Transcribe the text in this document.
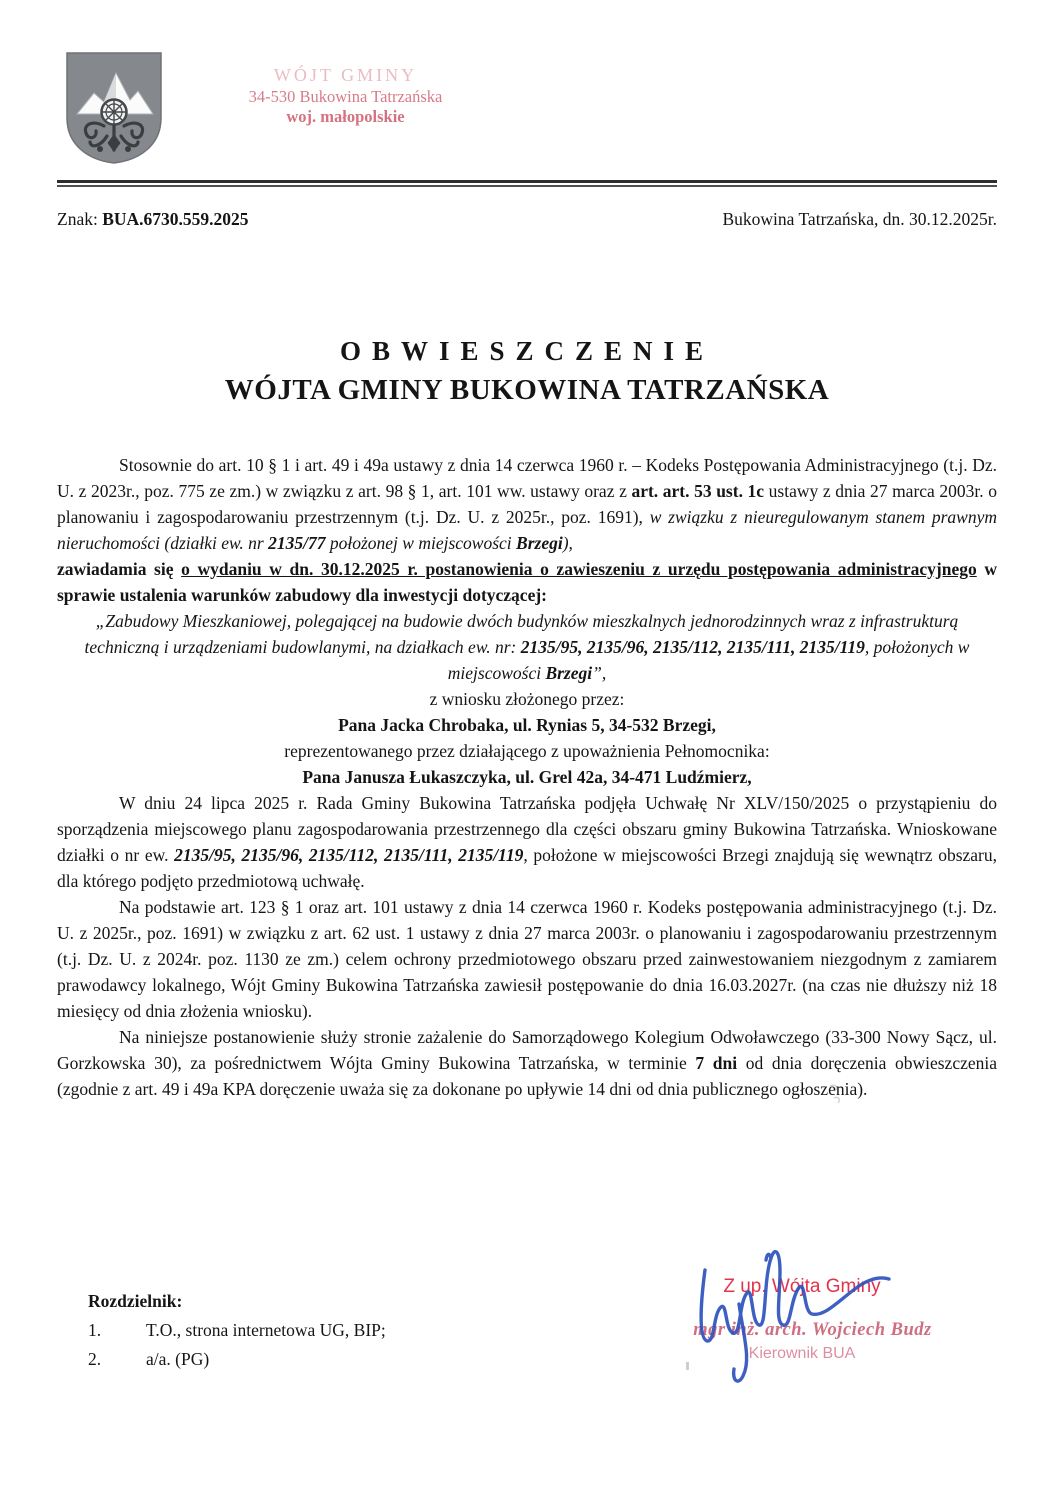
WÓJT GMINY
34-530 Bukowina Tatrzańska
woj. małopolskie
Znak: BUA.6730.559.2025	Bukowina Tatrzańska, dn. 30.12.2025r.
OBWIESZCZENIE
WÓJTA GMINY BUKOWINA TATRZAŃSKA

Stosownie do art. 10 § 1 i art. 49 i 49a ustawy z dnia 14 czerwca 1960 r. – Kodeks Postępowania Administracyjnego (t.j. Dz. U. z 2023r., poz. 775 ze zm.) w związku z art. 98 § 1, art. 101 ww. ustawy oraz z art. art. 53 ust. 1c ustawy z dnia 27 marca 2003r. o planowaniu i zagospodarowaniu przestrzennym (t.j. Dz. U. z 2025r., poz. 1691), w związku z nieuregulowanym stanem prawnym nieruchomości (działki ew. nr 2135/77 położonej w miejscowości Brzegi),

zawiadamia się o wydaniu w dn. 30.12.2025 r. postanowienia o zawieszeniu z urzędu postępowania administracyjnego w sprawie ustalenia warunków zabudowy dla inwestycji dotyczącej:

„Zabudowy Mieszkaniowej, polegającej na budowie dwóch budynków mieszkalnych jednorodzinnych wraz z infrastrukturą techniczną i urządzeniami budowlanymi, na działkach ew. nr: 2135/95, 2135/96, 2135/112, 2135/111, 2135/119, położonych w miejscowości Brzegi”,

z wniosku złożonego przez:

Pana Jacka Chrobaka, ul. Rynias 5, 34-532 Brzegi,

reprezentowanego przez działającego z upoważnienia Pełnomocnika:

Pana Janusza Łukaszczyka, ul. Grel 42a, 34-471 Ludźmierz,

W dniu 24 lipca 2025 r. Rada Gminy Bukowina Tatrzańska podjęła Uchwałę Nr XLV/150/2025 o przystąpieniu do sporządzenia miejscowego planu zagospodarowania przestrzennego dla części obszaru gminy Bukowina Tatrzańska. Wnioskowane działki o nr ew. 2135/95, 2135/96, 2135/112, 2135/111, 2135/119, położone w miejscowości Brzegi znajdują się wewnątrz obszaru, dla którego podjęto przedmiotową uchwałę.

Na podstawie art. 123 § 1 oraz art. 101 ustawy z dnia 14 czerwca 1960 r. Kodeks postępowania administracyjnego (t.j. Dz. U. z 2025r., poz. 1691) w związku z art. 62 ust. 1 ustawy z dnia 27 marca 2003r. o planowaniu i zagospodarowaniu przestrzennym (t.j. Dz. U. z 2024r. poz. 1130 ze zm.) celem ochrony przedmiotowego obszaru przed zainwestowaniem niezgodnym z zamiarem prawodawcy lokalnego, Wójt Gminy Bukowina Tatrzańska zawiesił postępowanie do dnia 16.03.2027r. (na czas nie dłuższy niż 18 miesięcy od dnia złożenia wniosku).

Na niniejsze postanowienie służy stronie zażalenie do Samorządowego Kolegium Odwoławczego (33-300 Nowy Sącz, ul. Gorzkowska 30), za pośrednictwem Wójta Gminy Bukowina Tatrzańska, w terminie 7 dni od dnia doręczenia obwieszczenia (zgodnie z art. 49 i 49a KPA doręczenie uważa się za dokonane po upływie 14 dni od dnia publicznego ogłoszenia).

Rozdzielnik:
1.	T.O., strona internetowa UG, BIP;
2.	a/a. (PG)
Z up. Wójta Gminy
mgr inż. arch. Wojciech Budz
Kierownik BUA
